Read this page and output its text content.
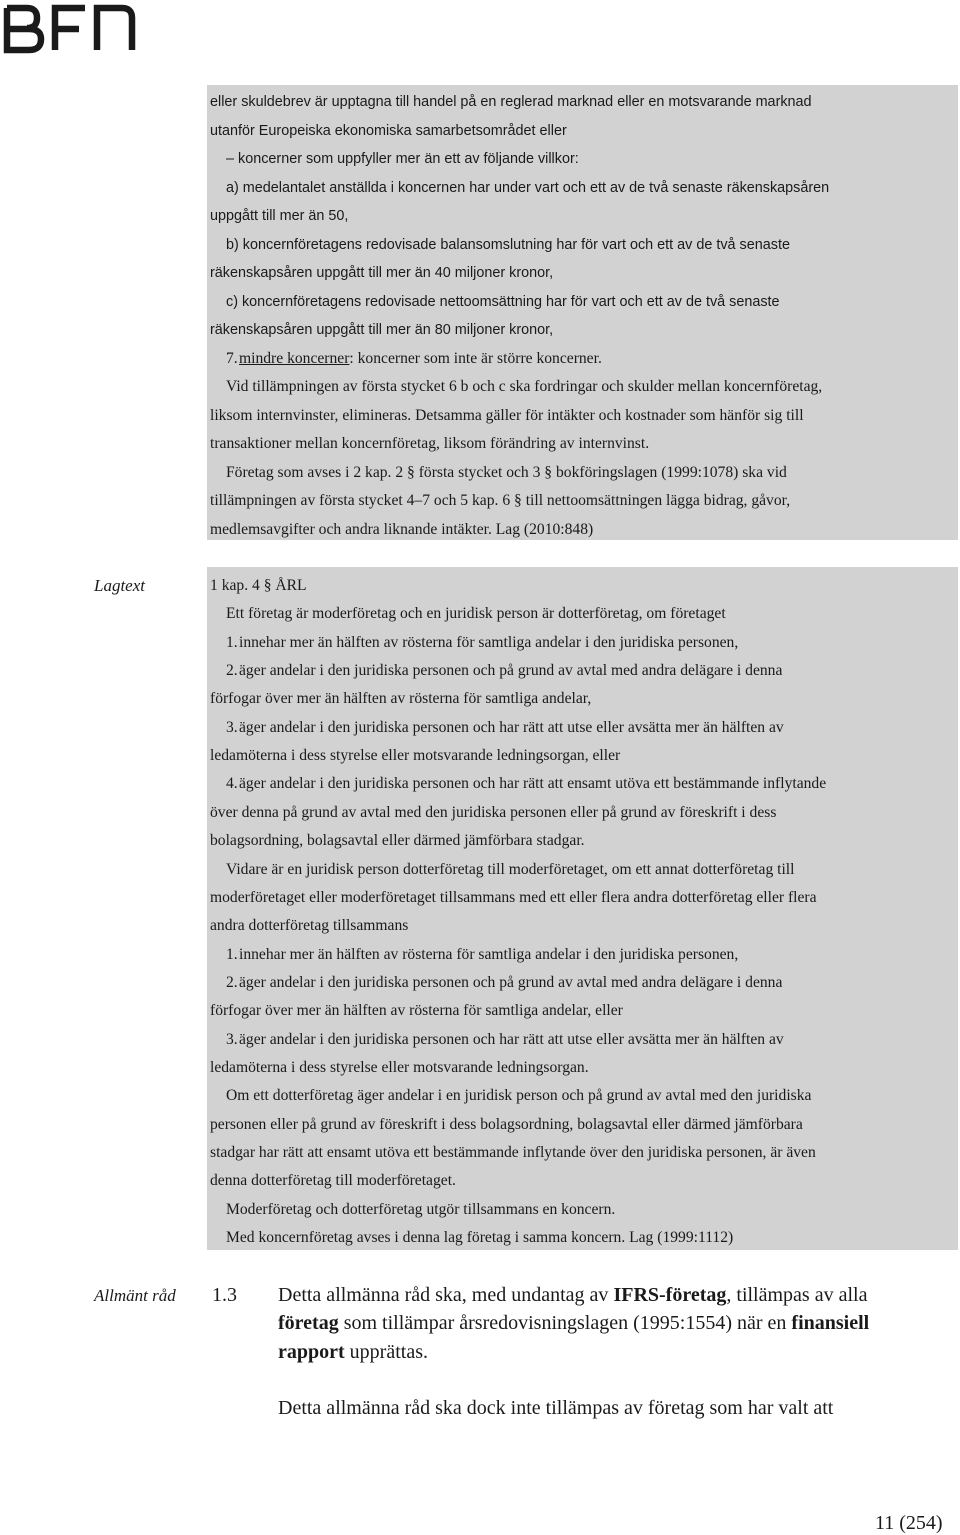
eller skuldebrev är upptagna till handel på en reglerad marknad eller en motsvarande marknad
utanför Europeiska ekonomiska samarbetsområdet eller
– koncerner som uppfyller mer än ett av följande villkor:
a) medelantalet anställda i koncernen har under vart och ett av de två senaste räkenskapsåren
uppgått till mer än 50,
b) koncernföretagens redovisade balansomslutning har för vart och ett av de två senaste
räkenskapsåren uppgått till mer än 40 miljoner kronor,
c) koncernföretagens redovisade nettoomsättning har för vart och ett av de två senaste
räkenskapsåren uppgått till mer än 80 miljoner kronor,
7.mindre koncerner: koncerner som inte är större koncerner.
Vid tillämpningen av första stycket 6 b och c ska fordringar och skulder mellan koncernföretag,
liksom internvinster, elimineras. Detsamma gäller för intäkter och kostnader som hänför sig till
transaktioner mellan koncernföretag, liksom förändring av internvinst.
Företag som avses i 2 kap. 2 § första stycket och 3 § bokföringslagen (1999:1078) ska vid
tillämpningen av första stycket 4–7 och 5 kap. 6 § till nettoomsättningen lägga bidrag, gåvor,
medlemsavgifter och andra liknande intäkter. Lag (2010:848)
Lagtext	1 kap. 4 § ÅRL
Ett företag är moderföretag och en juridisk person är dotterföretag, om företaget
1.innehar mer än hälften av rösterna för samtliga andelar i den juridiska personen,
2.äger andelar i den juridiska personen och på grund av avtal med andra delägare i denna
förfogar över mer än hälften av rösterna för samtliga andelar,
3.äger andelar i den juridiska personen och har rätt att utse eller avsätta mer än hälften av
ledamöterna i dess styrelse eller motsvarande ledningsorgan, eller
4.äger andelar i den juridiska personen och har rätt att ensamt utöva ett bestämmande inflytande
över denna på grund av avtal med den juridiska personen eller på grund av föreskrift i dess
bolagsordning, bolagsavtal eller därmed jämförbara stadgar.
Vidare är en juridisk person dotterföretag till moderföretaget, om ett annat dotterföretag till
moderföretaget eller moderföretaget tillsammans med ett eller flera andra dotterföretag eller flera
andra dotterföretag tillsammans
1.innehar mer än hälften av rösterna för samtliga andelar i den juridiska personen,
2.äger andelar i den juridiska personen och på grund av avtal med andra delägare i denna
förfogar över mer än hälften av rösterna för samtliga andelar, eller
3.äger andelar i den juridiska personen och har rätt att utse eller avsätta mer än hälften av
ledamöterna i dess styrelse eller motsvarande ledningsorgan.
Om ett dotterföretag äger andelar i en juridisk person och på grund av avtal med den juridiska
personen eller på grund av föreskrift i dess bolagsordning, bolagsavtal eller därmed jämförbara
stadgar har rätt att ensamt utöva ett bestämmande inflytande över den juridiska personen, är även
denna dotterföretag till moderföretaget.
Moderföretag och dotterföretag utgör tillsammans en koncern.
Med koncernföretag avses i denna lag företag i samma koncern. Lag (1999:1112)
Allmänt råd 1.3 Detta allmänna råd ska, med undantag av IFRS-företag, tillämpas av alla
företag som tillämpar årsredovisningslagen (1995:1554) när en finansiell
rapport upprättas.
Detta allmänna råd ska dock inte tillämpas av företag som har valt att
11 (254)
